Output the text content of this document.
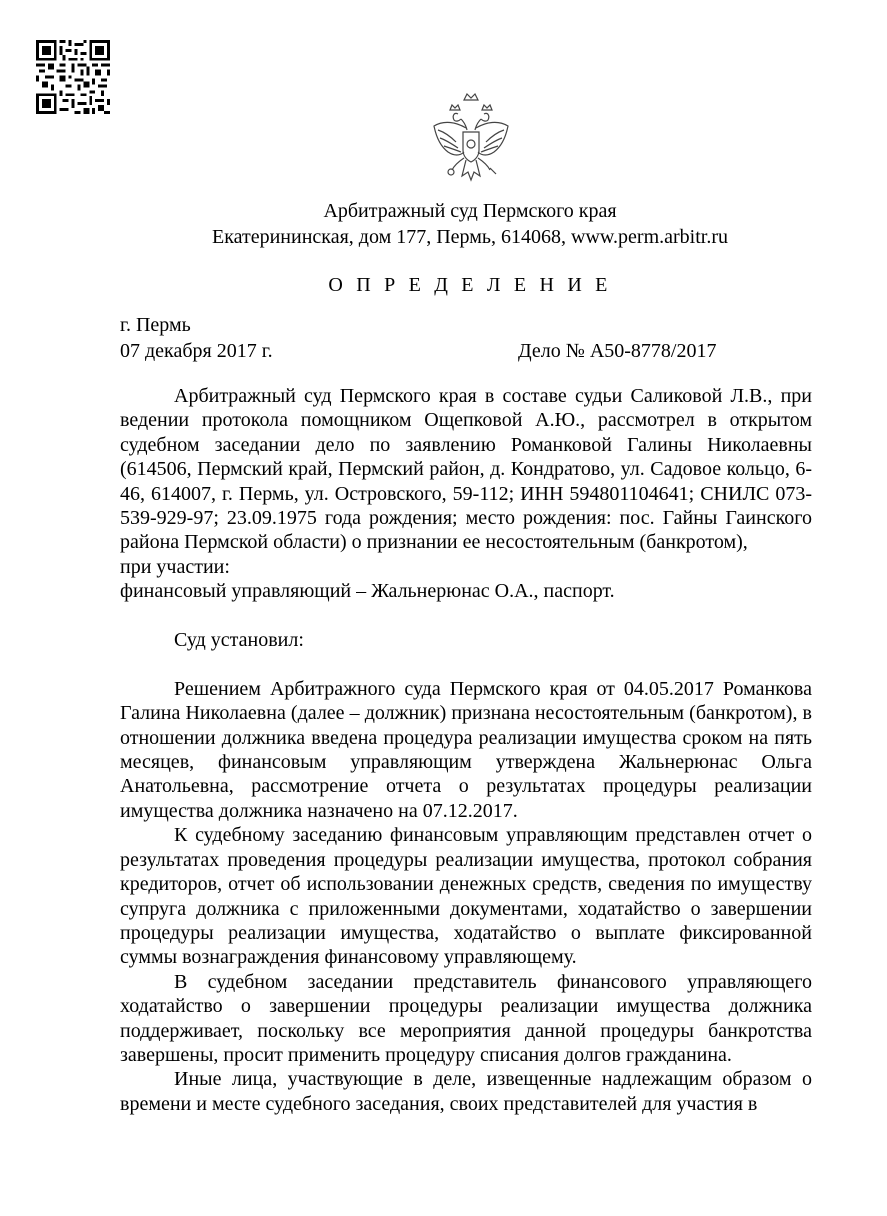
Арбитражный суд Пермского края
Екатерининская, дом 177, Пермь, 614068, www.perm.arbitr.ru
О П Р Е Д Е Л Е Н И Е
г. Пермь
07 декабря 2017 г.	Дело № А50-8778/2017

Арбитражный суд Пермского края в составе судьи Саликовой Л.В., при ведении протокола помощником Ощепковой А.Ю., рассмотрел в открытом судебном заседании дело по заявлению Романковой Галины Николаевны (614506, Пермский край, Пермский район, д. Кондратово, ул. Садовое кольцо, 6-46, 614007, г. Пермь, ул. Островского, 59-112; ИНН 594801104641; СНИЛС 073-539-929-97; 23.09.1975 года рождения; место рождения: пос. Гайны Гаинского района Пермской области) о признании ее несостоятельным (банкротом),

при участии:

финансовый управляющий – Жальнерюнас О.А., паспорт.

Суд установил:

Решением Арбитражного суда Пермского края от 04.05.2017 Романкова Галина Николаевна (далее – должник) признана несостоятельным (банкротом), в отношении должника введена процедура реализации имущества сроком на пять месяцев, финансовым управляющим утверждена Жальнерюнас Ольга Анатольевна, рассмотрение отчета о результатах процедуры реализации имущества должника назначено на 07.12.2017.

К судебному заседанию финансовым управляющим представлен отчет о результатах проведения процедуры реализации имущества, протокол собрания кредиторов, отчет об использовании денежных средств, сведения по имуществу супруга должника с приложенными документами, ходатайство о завершении процедуры реализации имущества, ходатайство о выплате фиксированной суммы вознаграждения финансовому управляющему.

В судебном заседании представитель финансового управляющего ходатайство о завершении процедуры реализации имущества должника поддерживает, поскольку все мероприятия данной процедуры банкротства завершены, просит применить процедуру списания долгов гражданина.

Иные лица, участвующие в деле, извещенные надлежащим образом о времени и месте судебного заседания, своих представителей для участия в
